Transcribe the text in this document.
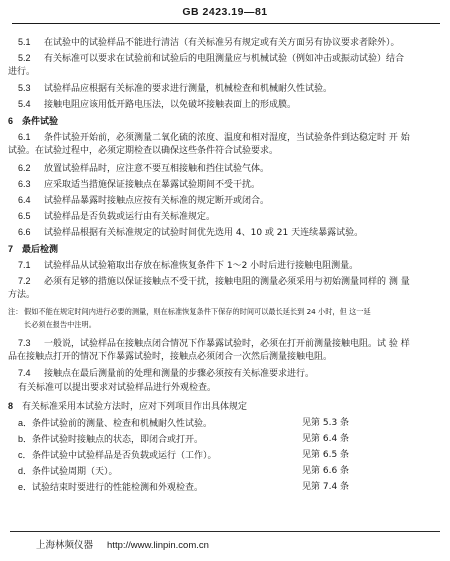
GB 2423.19—81
5.1 在试验中的试验样品不能进行清洁（有关标准另有规定或有关方面另有协议要求者除外）。
5.2 有关标准可以要求在试验前和试验后的电阻测量应与机械试验（例如冲击或振动试验）结合
进行。
5.3 试验样品应根据有关标准的要求进行测量，机械检查和机械耐久性试验。
5.4 接触电阻应该用低开路电压法，以免破坏接触表面上的形成膜。
6 条件试验
6.1 条件试验开始前，必须测量二氧化硫的浓度、温度和相对湿度，当试验条件到达稳定时 开 始
试验。在试验过程中，必须定期检查以确保这些条件符合试验要求。
6.2 放置试验样品时，应注意不要互相接触和挡住试验气体。
6.3 应采取适当措施保证接触点在暴露试验期间不受干扰。
6.4 试验样品暴露时接触点应按有关标准的规定断开或闭合。
6.5 试验样品是否负载或运行由有关标准规定。
6.6 试验样品根据有关标准规定的试验时间优先选用 4、10 或 21 天连续暴露试验。
7 最后检测
7.1 试验样品从试验箱取出存放在标准恢复条件下 1～2 小时后进行接触电阻测量。
7.2 必须有足够的措施以保证接触点不受干扰，接触电阻的测量必须采用与初始测量同样的 测 量
方法。
注： 假如不能在规定时间内进行必要的测量，则在标准恢复条件下保存的时间可以最长延长到 24 小时，但 这一延
长必须在报告中注明。
7.3 一般说，试验样品在接触点闭合情况下作暴露试验时，必须在打开前测量接触电阻。试 验 样
品在接触点打开的情况下作暴露试验时，接触点必须闭合一次然后测量接触电阻。
7.4 接触点在最后测量前的处理和测量的步骤必须按有关标准要求进行。
有关标准可以提出要求对试验样品进行外观检查。
8 有关标准采用本试验方法时，应对下列项目作出具体规定
a．条件试验前的测量、检查和机械耐久性试验。	见第 5.3 条
b．条件试验时接触点的状态，即闭合或打开。	见第 6.4 条
c．条件试验中试验样品是否负载或运行（工作）。	见第 6.5 条
d．条件试验周期（天）。	见第 6.6 条
e．试验结束时要进行的性能检测和外观检查。	见第 7.4 条
上海林频仪器 http://www.linpin.com.cn
